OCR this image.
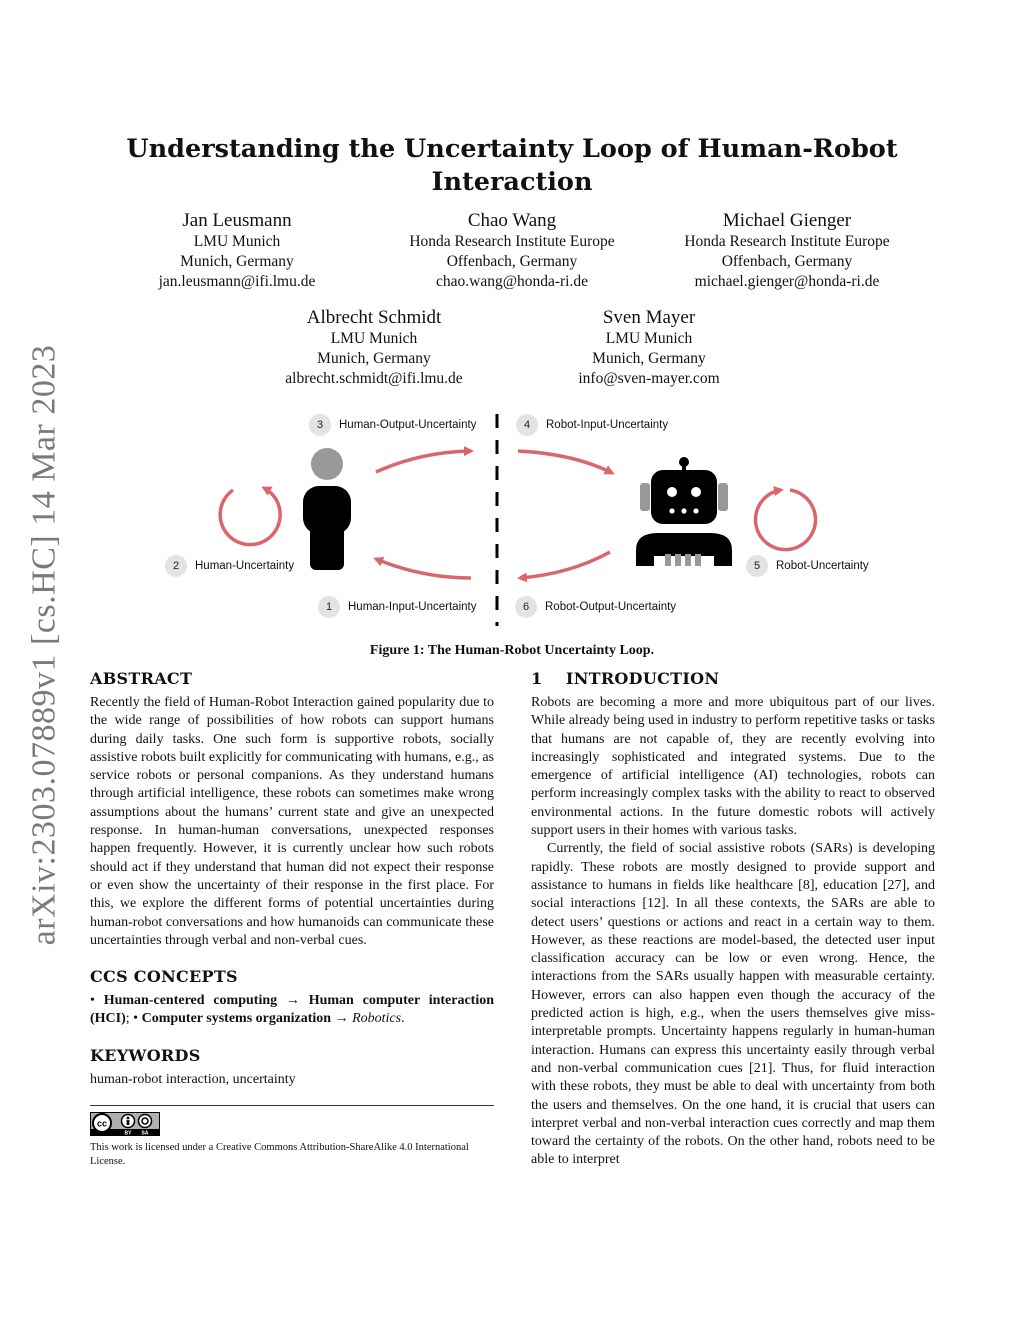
arXiv:2303.07889v1 [cs.HC] 14 Mar 2023
Understanding the Uncertainty Loop of Human-Robot Interaction
Jan Leusmann
LMU Munich
Munich, Germany
jan.leusmann@ifi.lmu.de
Chao Wang
Honda Research Institute Europe
Offenbach, Germany
chao.wang@honda-ri.de
Michael Gienger
Honda Research Institute Europe
Offenbach, Germany
michael.gienger@honda-ri.de
Albrecht Schmidt
LMU Munich
Munich, Germany
albrecht.schmidt@ifi.lmu.de
Sven Mayer
LMU Munich
Munich, Germany
info@sven-mayer.com
3	Human-Output-Uncertainty	4	Robot-Input-Uncertainty
2	Human-Uncertainty	5	Robot-Uncertainty
1	Human-Input-Uncertainty	6	Robot-Output-Uncertainty
Figure 1: The Human-Robot Uncertainty Loop.
ABSTRACT

Recently the field of Human-Robot Interaction gained popularity due to the wide range of possibilities of how robots can support humans during daily tasks. One such form is supportive robots, socially assistive robots built explicitly for communicating with humans, e.g., as service robots or personal companions. As they understand humans through artificial intelligence, these robots can sometimes make wrong assumptions about the humans’ current state and give an unexpected response. In human-human conversations, unexpected responses happen frequently. However, it is currently unclear how such robots should act if they understand that human did not expect their response or even show the uncertainty of their response in the first place. For this, we explore the different forms of potential uncertainties during human-robot conversations and how humanoids can communicate these uncertainties through verbal and non-verbal cues.

CCS CONCEPTS

• Human-centered computing → Human computer interaction (HCI); • Computer systems organization → Robotics.

KEYWORDS

human-robot interaction, uncertainty

cc
BY SA
This work is licensed under a Creative Commons Attribution-ShareAlike 4.0 International License.
1    INTRODUCTION

Robots are becoming a more and more ubiquitous part of our lives. While already being used in industry to perform repetitive tasks or tasks that humans are not capable of, they are recently evolving into increasingly sophisticated and integrated systems. Due to the emergence of artificial intelligence (AI) technologies, robots can perform increasingly complex tasks with the ability to react to observed environmental actions. In the future domestic robots will actively support users in their homes with various tasks.

Currently, the field of social assistive robots (SARs) is developing rapidly. These robots are mostly designed to provide support and assistance to humans in fields like healthcare [8], education [27], and social interactions [12]. In all these contexts, the SARs are able to detect users’ questions or actions and react in a certain way to them. However, as these reactions are model-based, the detected user input classification accuracy can be low or even wrong. Hence, the interactions from the SARs usually happen with measurable certainty. However, errors can also happen even though the accuracy of the predicted action is high, e.g., when the users themselves give miss-interpretable prompts. Uncertainty happens regularly in human-human interaction. Humans can express this uncertainty easily through verbal and non-verbal communication cues [21]. Thus, for fluid interaction with these robots, they must be able to deal with uncertainty from both the users and themselves. On the one hand, it is crucial that users can interpret verbal and non-verbal interaction cues correctly and map them toward the certainty of the robots. On the other hand, robots need to be able to interpret
